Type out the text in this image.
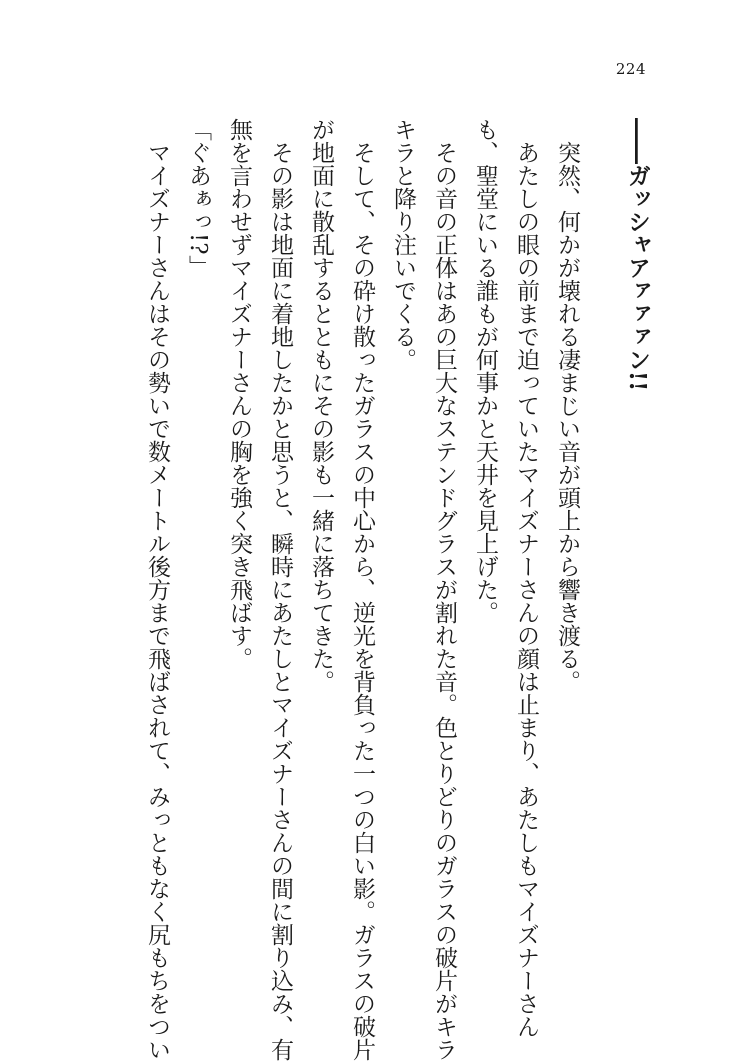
224
――ガッシャアァァァン!!
　突然、何かが壊れる凄まじい音が頭上から響き渡る。
　あたしの眼の前まで迫っていたマイズナーさんの顔は止まり、あたしもマイズナーさん
も、聖堂にいる誰もが何事かと天井を見上げた。
　その音の正体はあの巨大なステンドグラスが割れた音。色とりどりのガラスの破片がキラ
キラと降り注いでくる。
　そして、その砕け散ったガラスの中心から、逆光を背負った一つの白い影。ガラスの破片
が地面に散乱するとともにその影も一緒に落ちてきた。
　その影は地面に着地したかと思うと、瞬時にあたしとマイズナーさんの間に割り込み、有
無を言わせずマイズナーさんの胸を強く突き飛ばす。
「ぐあぁっ!?」
　マイズナーさんはその勢いで数メートル後方まで飛ばされて、みっともなく尻もちをつい
